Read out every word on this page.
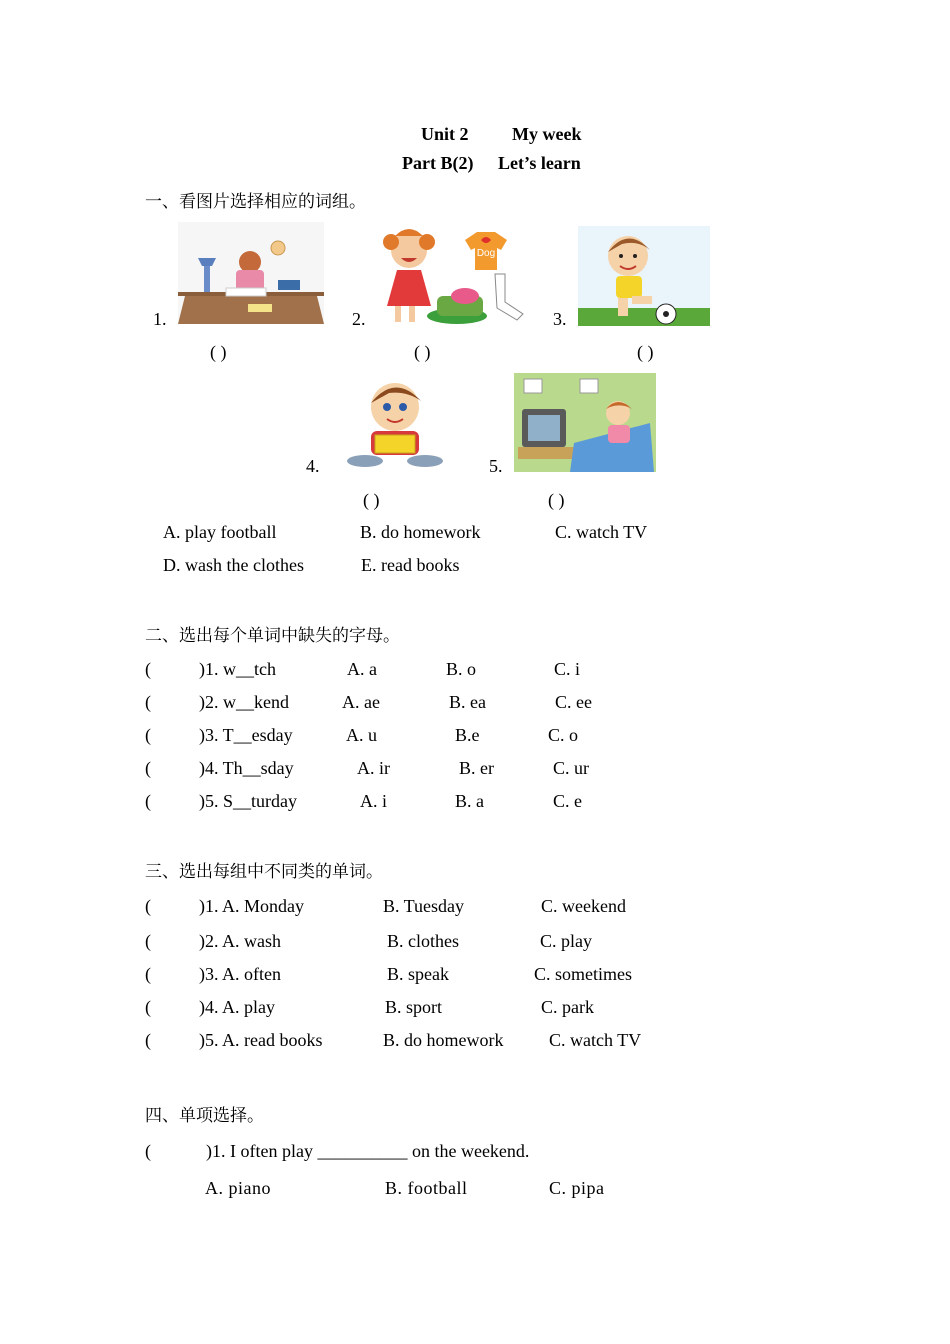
Unit 2 My week
Part B(2) Let’s learn
一、看图片选择相应的词组。
1.	2.
Dog
3.
( )	( )	( )
4.	5.
( )	( )
A. play football	B. do homework	C. watch TV
D. wash the clothes	E. read books
二、选出每个单词中缺失的字母。
(	)1. w__tch	A. a	B. o	C. i
(	)2. w__kend	A. ae	B. ea	C. ee
(	)3. T__esday	A. u	B.e	C. o
(	)4. Th__sday	A. ir	B. er	C. ur
(	)5. S__turday	A. i	B. a	C. e
三、选出每组中不同类的单词。
(	)1. A. Monday	B. Tuesday	C. weekend
(	)2. A. wash	B. clothes	C. play
(	)3. A. often	B. speak	C. sometimes
(	)4. A. play	B. sport	C. park
(	)5. A. read books	B. do homework	C. watch TV
四、单项选择。
(	)1. I often play __________ on the weekend.
A. piano	B. football	C. pipa
